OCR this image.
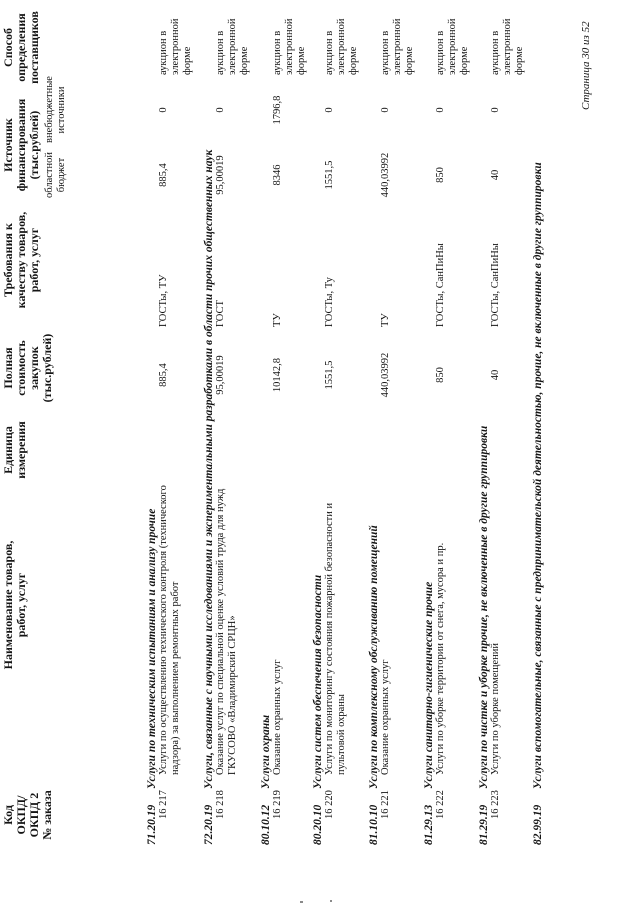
Код ОКПД/ ОКПД 2 № заказа
Наименование товаров, работ, услуг
Единица измерения
Полная стоимость закупок (тыс.рублей)
Требования к качеству товаров, работ, услуг
Источник финансирования (тыс.рублей) областной бюджет
внебюджетные источники
Способ определения поставщиков
71.20.19
Услуги по техническим испытаниям и анализу прочие
16 217
Услуги по осуществлению технического контроля (технического надзора) за выполнением ремонтных работ
885,4
ГОСТы, ТУ
885,4
0
аукцион в электронной форме
72.20.19
Услуги, связанные с научными исследованиями и экспериментальными разработками в области прочих общественных наук
16 218
Оказание услуг по специальной оценке условий труда для нужд ГКУСОВО «Владимирский СРЦН»
95,00019
ГОСТ
95,00019
0
аукцион в электронной форме
80.10.12
Услуги охраны
16 219
Оказание охранных услуг
10142,8
ТУ
8346
1796,8
аукцион в электронной форме
80.20.10
Услуги систем обеспечения безопасности
16 220
Услуги по мониторингу состояния пожарной безопасности и пультовой охраны
1551,5
ГОСТы, Ту
1551,5
0
аукцион в электронной форме
81.10.10
Услуги по комплексному обслуживанию помещений
16 221
Оказание охранных услуг
440,03992
ТУ
440,03992
0
аукцион в электронной форме
81.29.13
Услуги санитарно-гигиенические прочие
16 222
Услуги по уборке территории от снега, мусора и пр.
850
ГОСТы, СанПиНы
850
0
аукцион в электронной форме
81.29.19
Услуги по чистке и уборке прочие, не включенные в другие группировки
16 223
Услуги по уборке помещений
40
ГОСТы, СанПиНы
40
0
аукцион в электронной форме
82.99.19
Услуги вспомогательные, связанные с предпринимательской деятельностью, прочие, не включенные в другие группировки
Страница 30 из 52
